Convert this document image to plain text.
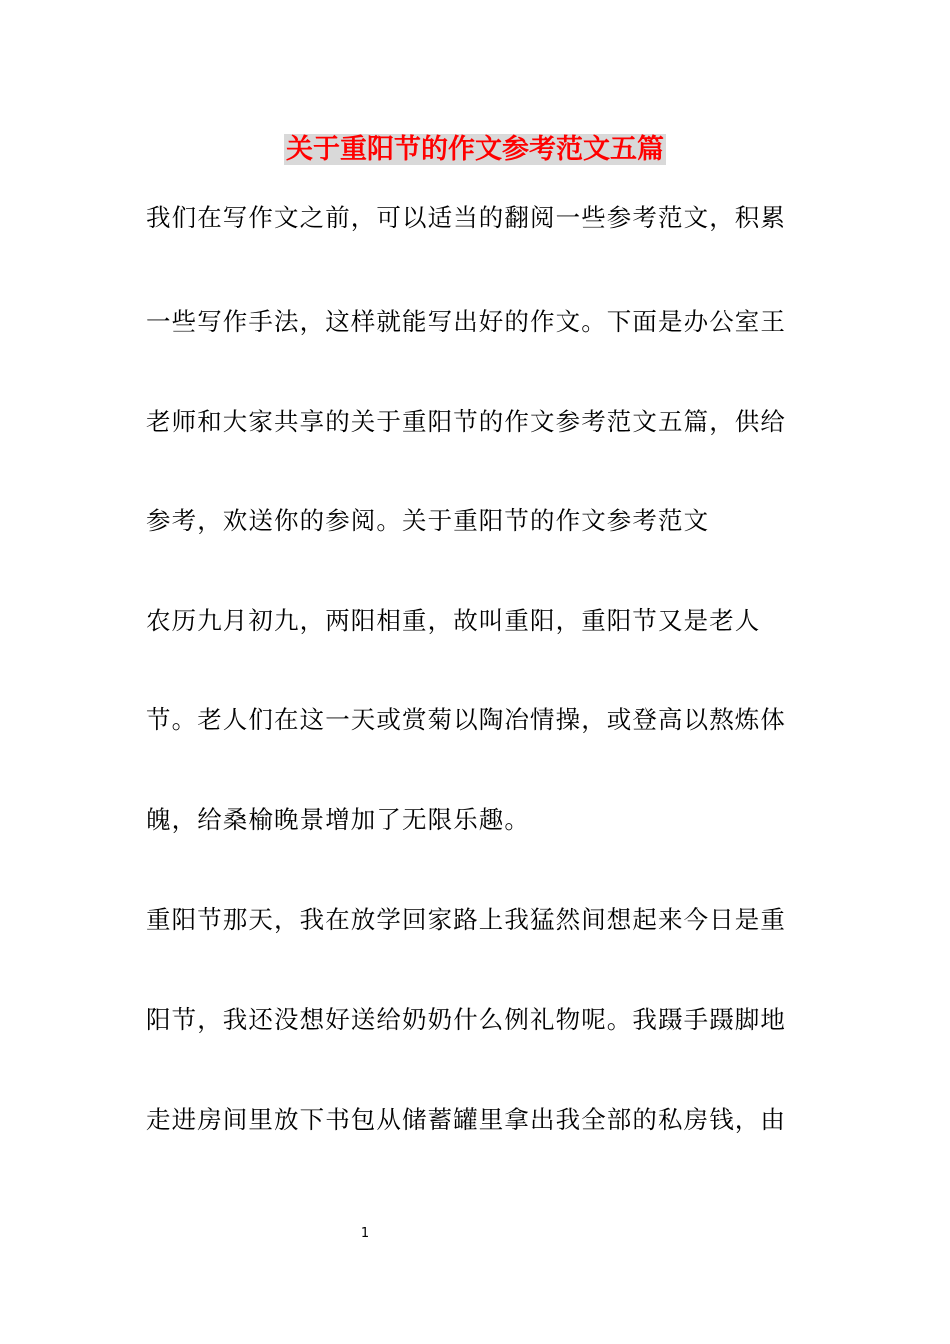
关于重阳节的作文参考范文五篇

我们在写作文之前，可以适当的翻阅一些参考范文，积累

一些写作手法，这样就能写出好的作文。下面是办公室王

老师和大家共享的关于重阳节的作文参考范文五篇，供给

参考，欢送你的参阅。关于重阳节的作文参考范文

农历九月初九，两阳相重，故叫重阳，重阳节又是老人

节。老人们在这一天或赏菊以陶冶情操，或登高以熬炼体

魄，给桑榆晚景增加了无限乐趣。

重阳节那天，我在放学回家路上我猛然间想起来今日是重

阳节，我还没想好送给奶奶什么例礼物呢。我蹑手蹑脚地

走进房间里放下书包从储蓄罐里拿出我全部的私房钱，由

1
